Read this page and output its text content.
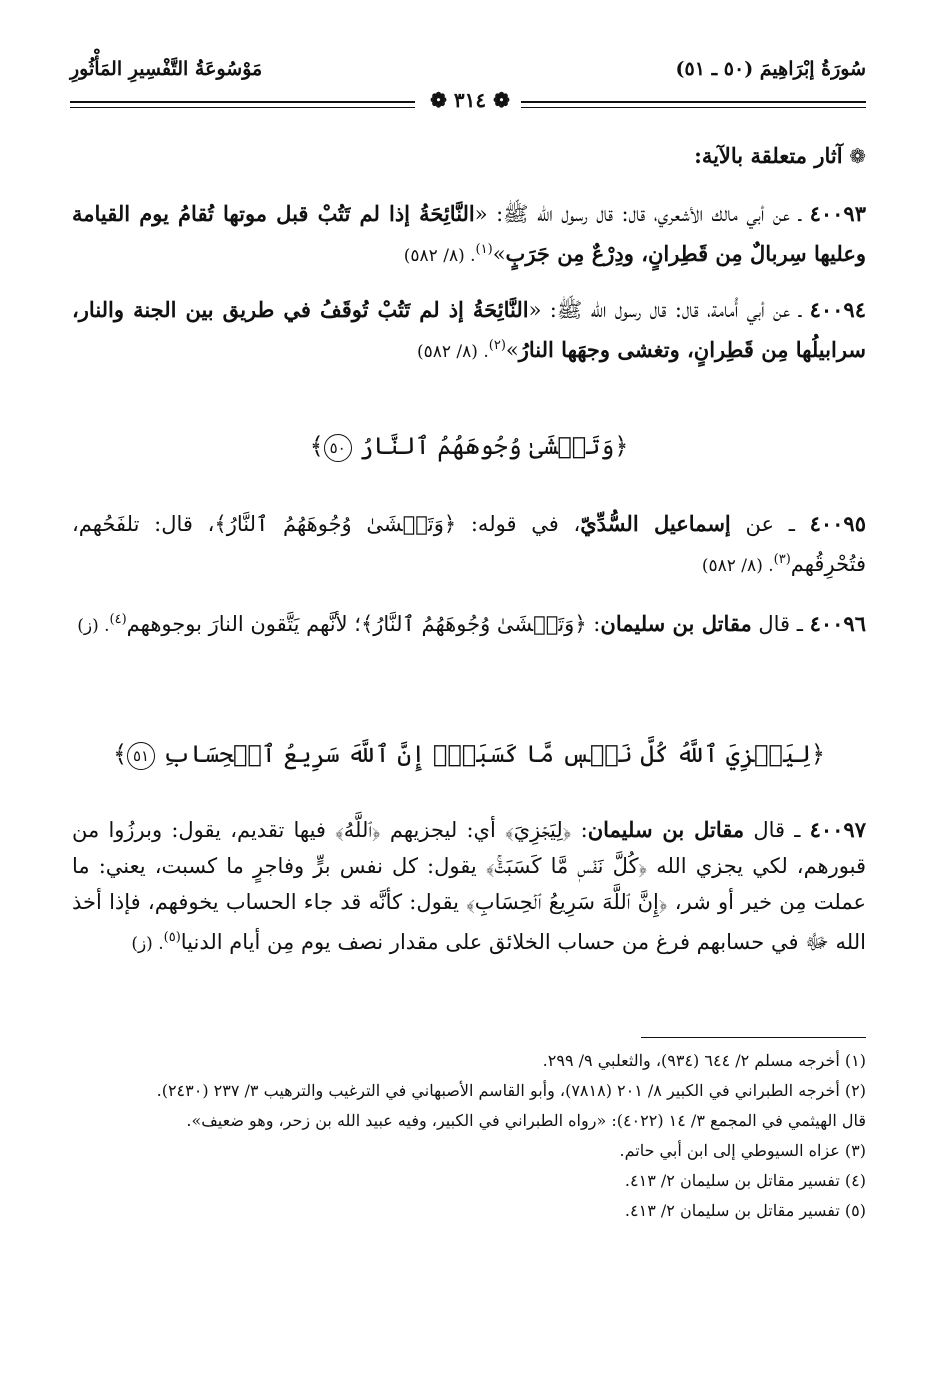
سُورَةُ إبْرَاهِيمَ (٥٠ ـ ٥١)
مَوْسُوعَةُ التَّفْسِيرِ المَأْثُورِ
❁ ٣١٤ ❁
❁ آثار متعلقة بالآية:
٤٠٠٩٣ ـ عن أبي مالك الأشعري، قال: قال رسول الله ﷺ: «النَّائِحَةُ إذا لم تَتُبْ قبل موتها تُقامُ يوم القيامة وعليها سِربالٌ مِن قَطِرانٍ، ودِرْعٌ مِن جَرَبٍ»$^{(١)}$. (٨/ ٥٨٢)
٤٠٠٩٤ ـ عن أبي أُمامة، قال: قال رسول الله ﷺ: «النَّائِحَةُ إذ لم تَتُبْ تُوقَفُ في طريق بين الجنة والنار، سرابيلُها مِن قَطِرانٍ، وتغشى وجهَها النارُ»$^{(٢)}$. (٨/ ٥٨٢)
﴿وَتَغۡشَىٰ وُجُوهَهُمُ ٱلنَّارُ ٥٠﴾
٤٠٠٩٥ ـ عن إسماعيل السُّدِّيّ، في قوله: ﴿وَتَغۡشَىٰ وُجُوهَهُمُ ٱلنَّارُ﴾، قال: تلفَحُهم، فتُحْرِقُهم$^{(٣)}$. (٨/ ٥٨٢)
٤٠٠٩٦ ـ قال مقاتل بن سليمان: ﴿وَتَغۡشَىٰ وُجُوهَهُمُ ٱلنَّارُ﴾؛ لأنَّهم يَتَّقون النارَ بوجوههم$^{(٤)}$. (ز)
﴿لِيَجۡزِيَ ٱللَّهُ كُلَّ نَفۡسٖ مَّا كَسَبَتۡۚ إِنَّ ٱللَّهَ سَرِيعُ ٱلۡحِسَابِ ٥١﴾
٤٠٠٩٧ ـ قال مقاتل بن سليمان: ﴿لِيَجۡزِيَ﴾ أي: ليجزيهم ﴿ٱللَّهُ﴾ فيها تقديم، يقول: وبرزُوا من قبورهم، لكي يجزي الله ﴿كُلَّ نَفۡسٖ مَّا كَسَبَتۡۚ﴾ يقول: كل نفس برٍّ وفاجرٍ ما كسبت، يعني: ما عملت مِن خير أو شر، ﴿إِنَّ ٱللَّهَ سَرِيعُ ٱلۡحِسَابِ﴾ يقول: كأنَّه قد جاء الحساب يخوفهم، فإذا أخذ الله ﷻ في حسابهم فرغ من حساب الخلائق على مقدار نصف يوم مِن أيام الدنيا$^{(٥)}$. (ز)
(١) أخرجه مسلم ٢/ ٦٤٤ (٩٣٤)، والثعلبي ٩/ ٢٩٩.
(٢) أخرجه الطبراني في الكبير ٨/ ٢٠١ (٧٨١٨)، وأبو القاسم الأصبهاني في الترغيب والترهيب ٣/ ٢٣٧ (٢٤٣٠).
قال الهيثمي في المجمع ٣/ ١٤ (٤٠٢٢): «رواه الطبراني في الكبير، وفيه عبيد الله بن زحر، وهو ضعيف».
(٣) عزاه السيوطي إلى ابن أبي حاتم.
(٤) تفسير مقاتل بن سليمان ٢/ ٤١٣.
(٥) تفسير مقاتل بن سليمان ٢/ ٤١٣.
